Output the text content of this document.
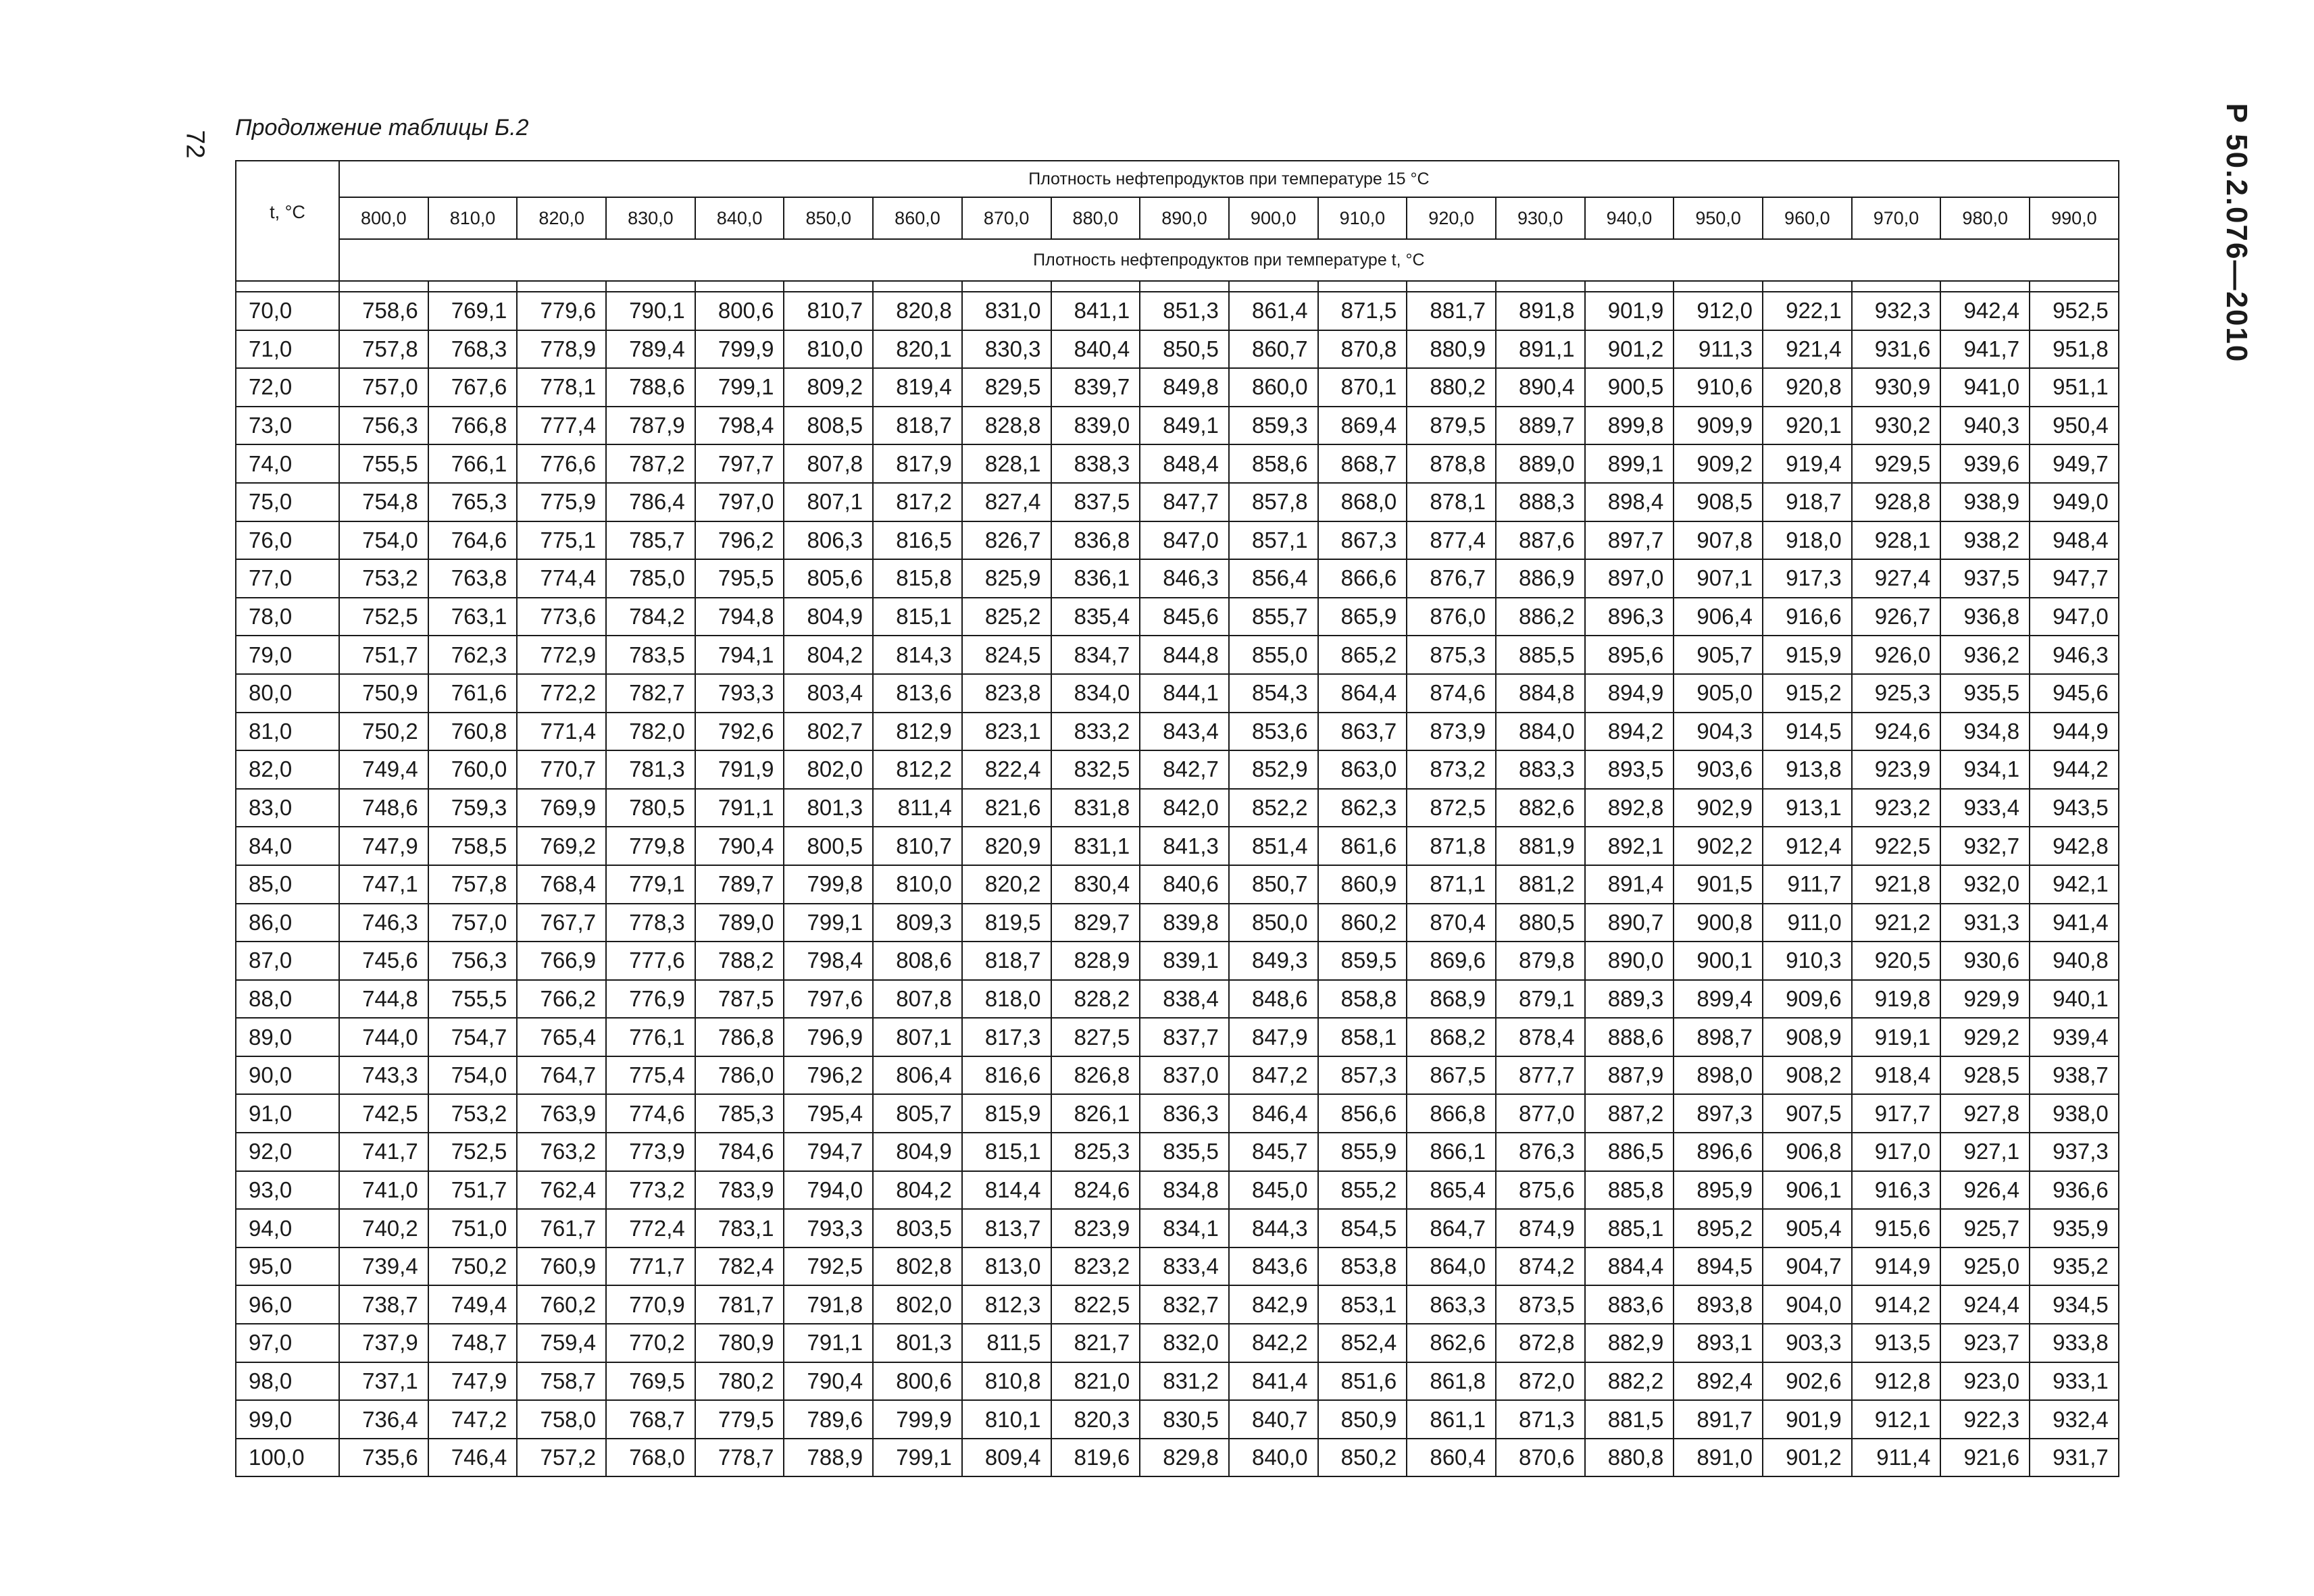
72
Продолжение таблицы Б.2	Р 50.2.076—2010
t, °C	Плотность нефтепродуктов при температуре 15 °С																			
	800,0	810,0	820,0	830,0	840,0	850,0	860,0	870,0	880,0	890,0	900,0	910,0	920,0	930,0	940,0	950,0	960,0	970,0	980,0	990,0
	Плотность нефтепродуктов при температуре t, °С																			

70,0	758,6	769,1	779,6	790,1	800,6	810,7	820,8	831,0	841,1	851,3	861,4	871,5	881,7	891,8	901,9	912,0	922,1	932,3	942,4	952,5
71,0	757,8	768,3	778,9	789,4	799,9	810,0	820,1	830,3	840,4	850,5	860,7	870,8	880,9	891,1	901,2	911,3	921,4	931,6	941,7	951,8
72,0	757,0	767,6	778,1	788,6	799,1	809,2	819,4	829,5	839,7	849,8	860,0	870,1	880,2	890,4	900,5	910,6	920,8	930,9	941,0	951,1
73,0	756,3	766,8	777,4	787,9	798,4	808,5	818,7	828,8	839,0	849,1	859,3	869,4	879,5	889,7	899,8	909,9	920,1	930,2	940,3	950,4
74,0	755,5	766,1	776,6	787,2	797,7	807,8	817,9	828,1	838,3	848,4	858,6	868,7	878,8	889,0	899,1	909,2	919,4	929,5	939,6	949,7
75,0	754,8	765,3	775,9	786,4	797,0	807,1	817,2	827,4	837,5	847,7	857,8	868,0	878,1	888,3	898,4	908,5	918,7	928,8	938,9	949,0
76,0	754,0	764,6	775,1	785,7	796,2	806,3	816,5	826,7	836,8	847,0	857,1	867,3	877,4	887,6	897,7	907,8	918,0	928,1	938,2	948,4
77,0	753,2	763,8	774,4	785,0	795,5	805,6	815,8	825,9	836,1	846,3	856,4	866,6	876,7	886,9	897,0	907,1	917,3	927,4	937,5	947,7
78,0	752,5	763,1	773,6	784,2	794,8	804,9	815,1	825,2	835,4	845,6	855,7	865,9	876,0	886,2	896,3	906,4	916,6	926,7	936,8	947,0
79,0	751,7	762,3	772,9	783,5	794,1	804,2	814,3	824,5	834,7	844,8	855,0	865,2	875,3	885,5	895,6	905,7	915,9	926,0	936,2	946,3
80,0	750,9	761,6	772,2	782,7	793,3	803,4	813,6	823,8	834,0	844,1	854,3	864,4	874,6	884,8	894,9	905,0	915,2	925,3	935,5	945,6
81,0	750,2	760,8	771,4	782,0	792,6	802,7	812,9	823,1	833,2	843,4	853,6	863,7	873,9	884,0	894,2	904,3	914,5	924,6	934,8	944,9
82,0	749,4	760,0	770,7	781,3	791,9	802,0	812,2	822,4	832,5	842,7	852,9	863,0	873,2	883,3	893,5	903,6	913,8	923,9	934,1	944,2
83,0	748,6	759,3	769,9	780,5	791,1	801,3	811,4	821,6	831,8	842,0	852,2	862,3	872,5	882,6	892,8	902,9	913,1	923,2	933,4	943,5
84,0	747,9	758,5	769,2	779,8	790,4	800,5	810,7	820,9	831,1	841,3	851,4	861,6	871,8	881,9	892,1	902,2	912,4	922,5	932,7	942,8
85,0	747,1	757,8	768,4	779,1	789,7	799,8	810,0	820,2	830,4	840,6	850,7	860,9	871,1	881,2	891,4	901,5	911,7	921,8	932,0	942,1
86,0	746,3	757,0	767,7	778,3	789,0	799,1	809,3	819,5	829,7	839,8	850,0	860,2	870,4	880,5	890,7	900,8	911,0	921,2	931,3	941,4
87,0	745,6	756,3	766,9	777,6	788,2	798,4	808,6	818,7	828,9	839,1	849,3	859,5	869,6	879,8	890,0	900,1	910,3	920,5	930,6	940,8
88,0	744,8	755,5	766,2	776,9	787,5	797,6	807,8	818,0	828,2	838,4	848,6	858,8	868,9	879,1	889,3	899,4	909,6	919,8	929,9	940,1
89,0	744,0	754,7	765,4	776,1	786,8	796,9	807,1	817,3	827,5	837,7	847,9	858,1	868,2	878,4	888,6	898,7	908,9	919,1	929,2	939,4
90,0	743,3	754,0	764,7	775,4	786,0	796,2	806,4	816,6	826,8	837,0	847,2	857,3	867,5	877,7	887,9	898,0	908,2	918,4	928,5	938,7
91,0	742,5	753,2	763,9	774,6	785,3	795,4	805,7	815,9	826,1	836,3	846,4	856,6	866,8	877,0	887,2	897,3	907,5	917,7	927,8	938,0
92,0	741,7	752,5	763,2	773,9	784,6	794,7	804,9	815,1	825,3	835,5	845,7	855,9	866,1	876,3	886,5	896,6	906,8	917,0	927,1	937,3
93,0	741,0	751,7	762,4	773,2	783,9	794,0	804,2	814,4	824,6	834,8	845,0	855,2	865,4	875,6	885,8	895,9	906,1	916,3	926,4	936,6
94,0	740,2	751,0	761,7	772,4	783,1	793,3	803,5	813,7	823,9	834,1	844,3	854,5	864,7	874,9	885,1	895,2	905,4	915,6	925,7	935,9
95,0	739,4	750,2	760,9	771,7	782,4	792,5	802,8	813,0	823,2	833,4	843,6	853,8	864,0	874,2	884,4	894,5	904,7	914,9	925,0	935,2
96,0	738,7	749,4	760,2	770,9	781,7	791,8	802,0	812,3	822,5	832,7	842,9	853,1	863,3	873,5	883,6	893,8	904,0	914,2	924,4	934,5
97,0	737,9	748,7	759,4	770,2	780,9	791,1	801,3	811,5	821,7	832,0	842,2	852,4	862,6	872,8	882,9	893,1	903,3	913,5	923,7	933,8
98,0	737,1	747,9	758,7	769,5	780,2	790,4	800,6	810,8	821,0	831,2	841,4	851,6	861,8	872,0	882,2	892,4	902,6	912,8	923,0	933,1
99,0	736,4	747,2	758,0	768,7	779,5	789,6	799,9	810,1	820,3	830,5	840,7	850,9	861,1	871,3	881,5	891,7	901,9	912,1	922,3	932,4
100,0	735,6	746,4	757,2	768,0	778,7	788,9	799,1	809,4	819,6	829,8	840,0	850,2	860,4	870,6	880,8	891,0	901,2	911,4	921,6	931,7
